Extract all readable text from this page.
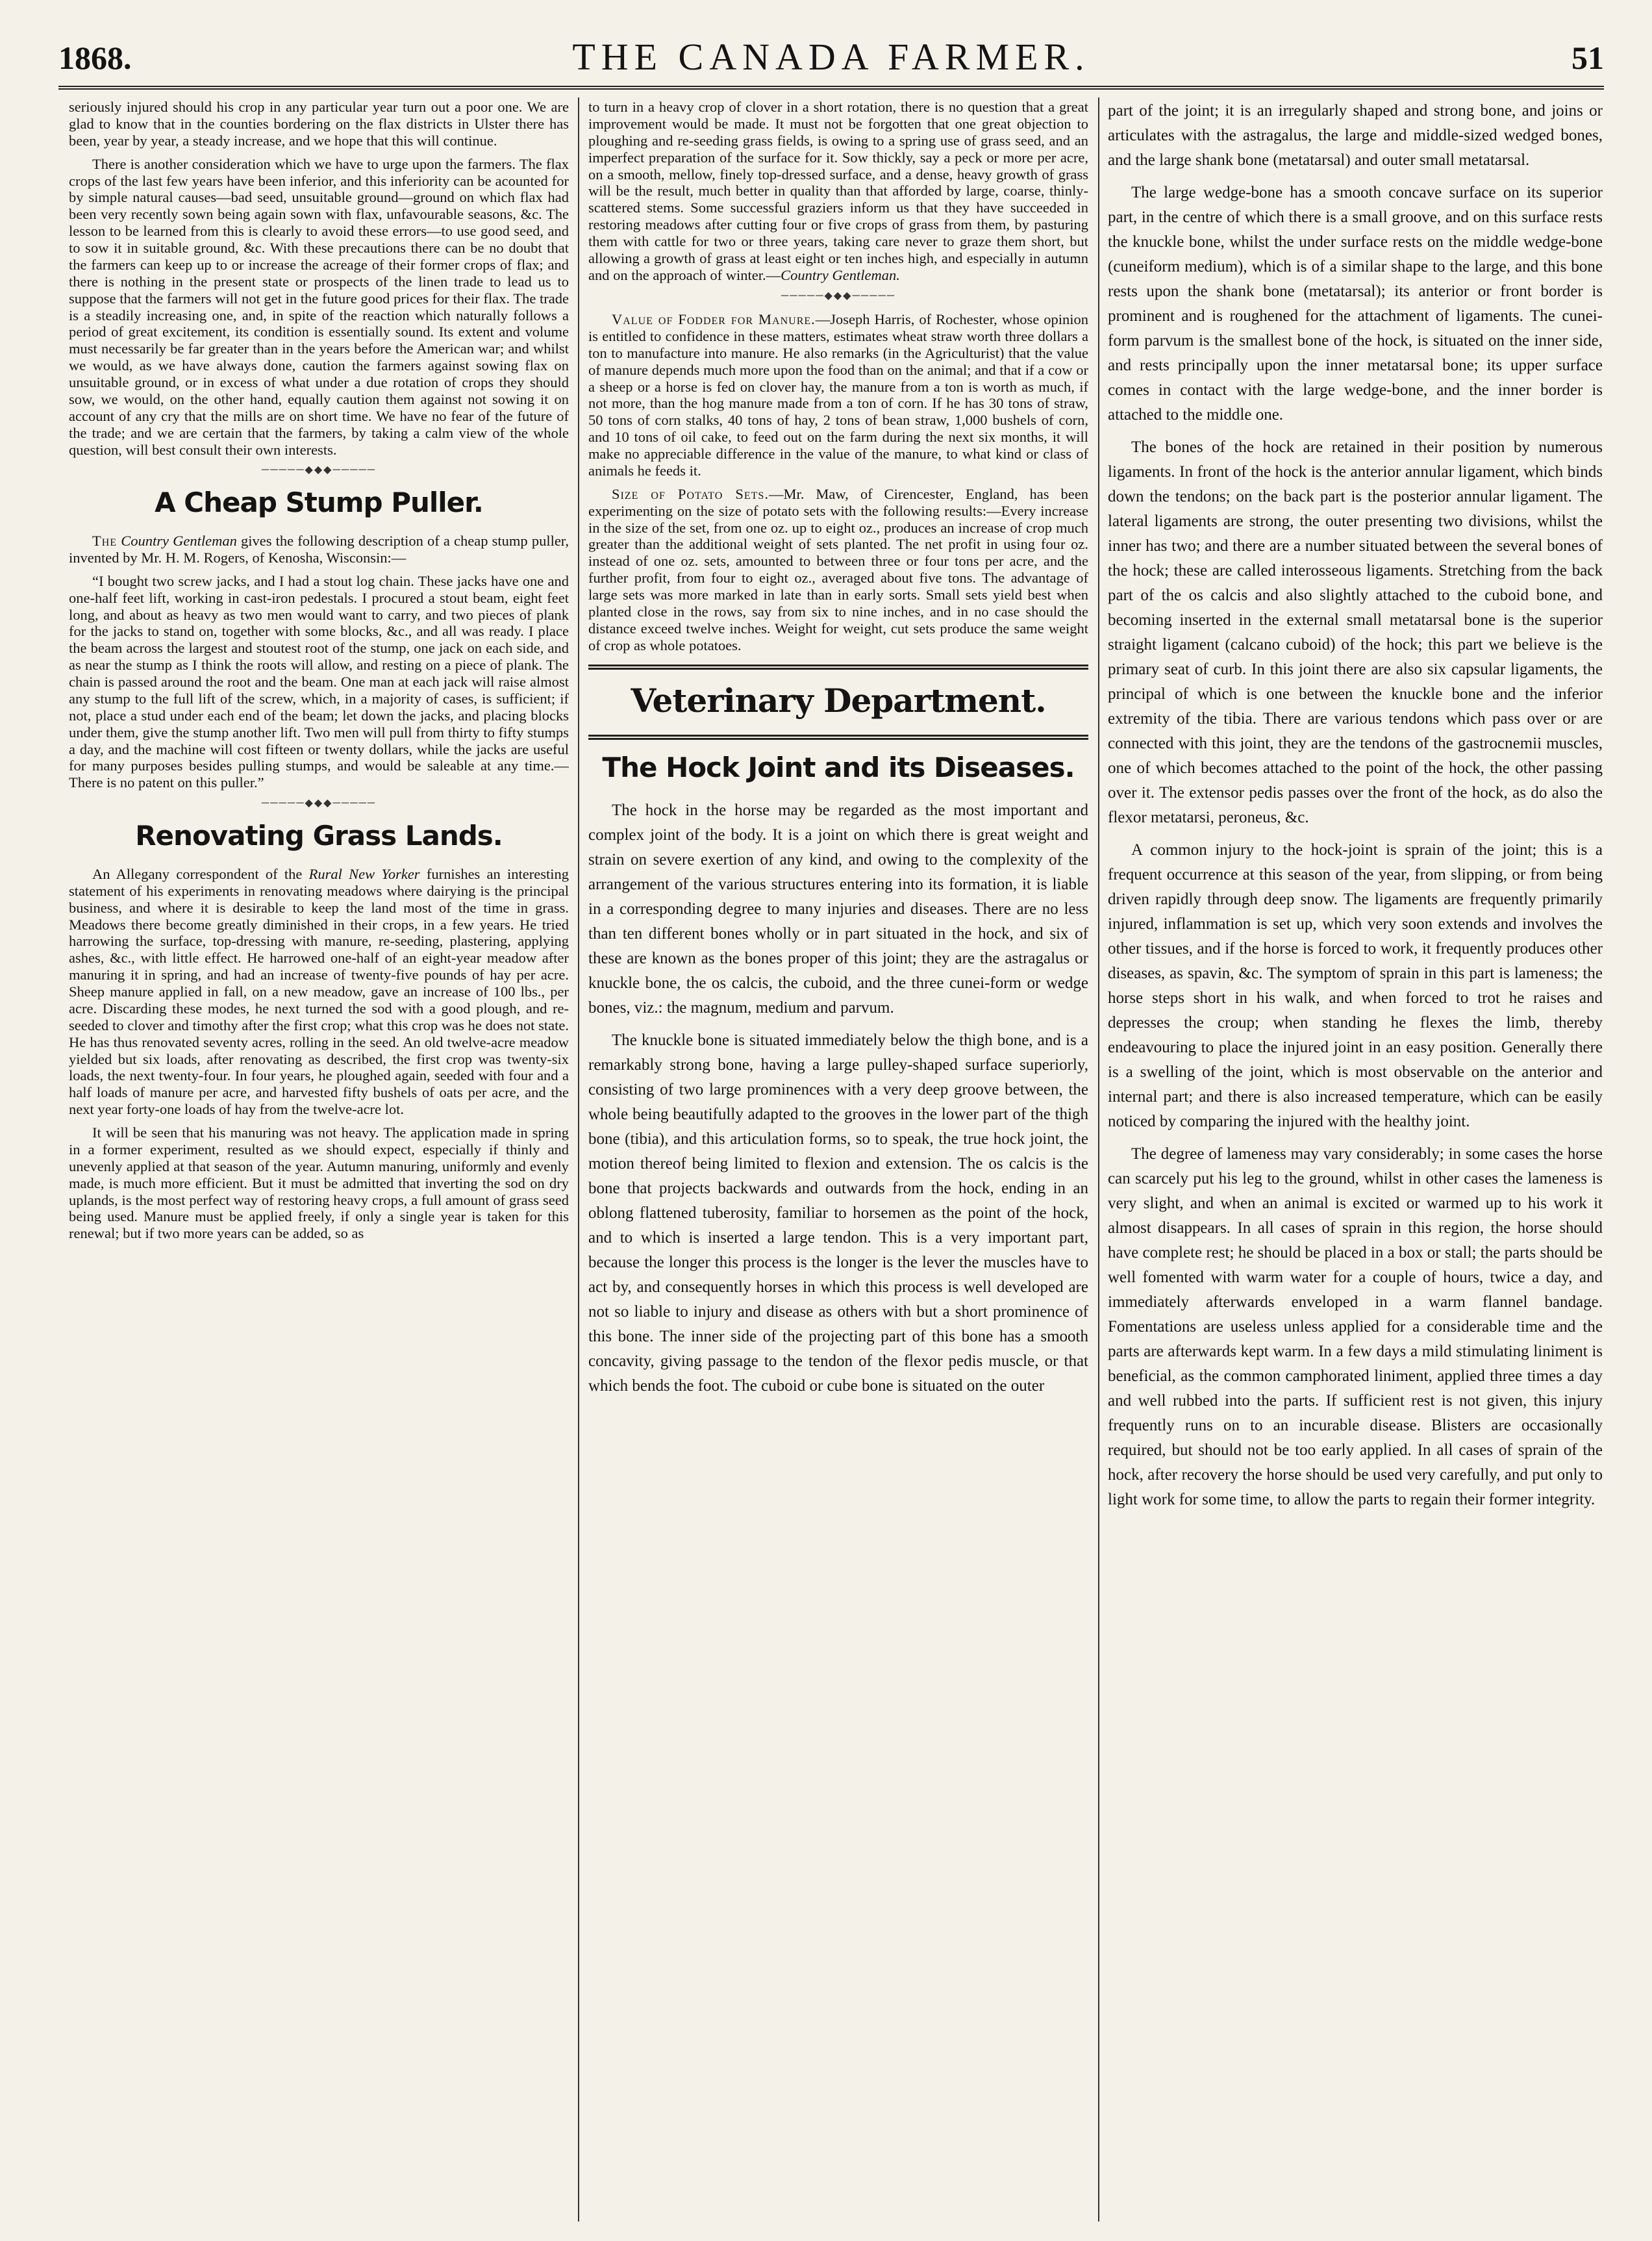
1868.	THE CANADA FARMER.	51

seriously injured should his crop in any particular year turn out a poor one. We are glad to know that in the counties bordering on the flax districts in Ulster there has been, year by year, a steady increase, and we hope that this will continue.

There is another consideration which we have to urge upon the farmers. The flax crops of the last few years have been inferior, and this inferiority can be acounted for by simple natural causes—bad seed, unsuitable ground—ground on which flax had been very recently sown being again sown with flax, unfavourable seasons, &c. The lesson to be learned from this is clearly to avoid these errors—to use good seed, and to sow it in suitable ground, &c. With these precautions there can be no doubt that the farmers can keep up to or increase the acreage of their former crops of flax; and there is nothing in the present state or prospects of the linen trade to lead us to suppose that the farmers will not get in the future good prices for their flax. The trade is a steadily increasing one, and, in spite of the reaction which naturally follows a period of great excitement, its condition is essentially sound. Its extent and volume must necessarily be far greater than in the years before the American war; and whilst we would, as we have always done, caution the farmers against sowing flax on unsuitable ground, or in excess of what under a due rotation of crops they should sow, we would, on the other hand, equally caution them against not sowing it on account of any cry that the mills are on short time. We have no fear of the future of the trade; and we are certain that the farmers, by taking a calm view of the whole question, will best consult their own interests.

─────◆◆◆─────
A Cheap Stump Puller.

The Country Gentleman gives the following description of a cheap stump puller, invented by Mr. H. M. Rogers, of Kenosha, Wisconsin:—

“I bought two screw jacks, and I had a stout log chain. These jacks have one and one-half feet lift, working in cast-iron pedestals. I procured a stout beam, eight feet long, and about as heavy as two men would want to carry, and two pieces of plank for the jacks to stand on, together with some blocks, &c., and all was ready. I place the beam across the largest and stoutest root of the stump, one jack on each side, and as near the stump as I think the roots will allow, and resting on a piece of plank. The chain is passed around the root and the beam. One man at each jack will raise almost any stump to the full lift of the screw, which, in a majority of cases, is sufficient; if not, place a stud under each end of the beam; let down the jacks, and placing blocks under them, give the stump another lift. Two men will pull from thirty to fifty stumps a day, and the machine will cost fifteen or twenty dollars, while the jacks are useful for many purposes besides pulling stumps, and would be saleable at any time.—There is no patent on this puller.”

─────◆◆◆─────
Renovating Grass Lands.

An Allegany correspondent of the Rural New Yorker furnishes an interesting statement of his experiments in renovating meadows where dairying is the principal business, and where it is desirable to keep the land most of the time in grass. Meadows there become greatly diminished in their crops, in a few years. He tried harrowing the surface, top-dressing with manure, re-seeding, plastering, applying ashes, &c., with little effect. He harrowed one-half of an eight-year meadow after manuring it in spring, and had an increase of twenty-five pounds of hay per acre. Sheep manure applied in fall, on a new meadow, gave an increase of 100 lbs., per acre. Discarding these modes, he next turned the sod with a good plough, and re-seeded to clover and timothy after the first crop; what this crop was he does not state. He has thus renovated seventy acres, rolling in the seed. An old twelve-acre meadow yielded but six loads, after renovating as described, the first crop was twenty-six loads, the next twenty-four. In four years, he ploughed again, seeded with four and a half loads of manure per acre, and harvested fifty bushels of oats per acre, and the next year forty-one loads of hay from the twelve-acre lot.

It will be seen that his manuring was not heavy. The application made in spring in a former experiment, resulted as we should expect, especially if thinly and unevenly applied at that season of the year. Autumn manuring, uniformly and evenly made, is much more efficient. But it must be admitted that inverting the sod on dry uplands, is the most perfect way of restoring heavy crops, a full amount of grass seed being used. Manure must be applied freely, if only a single year is taken for this renewal; but if two more years can be added, so as

to turn in a heavy crop of clover in a short rotation, there is no question that a great improvement would be made. It must not be forgotten that one great objection to ploughing and re-seeding grass fields, is owing to a spring use of grass seed, and an imperfect preparation of the surface for it. Sow thickly, say a peck or more per acre, on a smooth, mellow, finely top-dressed surface, and a dense, heavy growth of grass will be the result, much better in quality than that afforded by large, coarse, thinly-scattered stems. Some successful graziers inform us that they have succeeded in restoring meadows after cutting four or five crops of grass from them, by pasturing them with cattle for two or three years, taking care never to graze them short, but allowing a growth of grass at least eight or ten inches high, and especially in autumn and on the approach of winter.—Country Gentleman.

─────◆◆◆─────

Value of Fodder for Manure.—Joseph Harris, of Rochester, whose opinion is entitled to confidence in these matters, estimates wheat straw worth three dollars a ton to manufacture into manure. He also remarks (in the Agriculturist) that the value of manure depends much more upon the food than on the animal; and that if a cow or a sheep or a horse is fed on clover hay, the manure from a ton is worth as much, if not more, than the hog manure made from a ton of corn. If he has 30 tons of straw, 50 tons of corn stalks, 40 tons of hay, 2 tons of bean straw, 1,000 bushels of corn, and 10 tons of oil cake, to feed out on the farm during the next six months, it will make no appreciable difference in the value of the manure, to what kind or class of animals he feeds it.

Size of Potato Sets.—Mr. Maw, of Cirencester, England, has been experimenting on the size of potato sets with the following results:—Every increase in the size of the set, from one oz. up to eight oz., produces an increase of crop much greater than the additional weight of sets planted. The net profit in using four oz. instead of one oz. sets, amounted to between three or four tons per acre, and the further profit, from four to eight oz., averaged about five tons. The advantage of large sets was more marked in late than in early sorts. Small sets yield best when planted close in the rows, say from six to nine inches, and in no case should the distance exceed twelve inches. Weight for weight, cut sets produce the same weight of crop as whole potatoes.

Veterinary Department.
The Hock Joint and its Diseases.

The hock in the horse may be regarded as the most important and complex joint of the body. It is a joint on which there is great weight and strain on severe exertion of any kind, and owing to the complexity of the arrangement of the various structures entering into its formation, it is liable in a corresponding degree to many injuries and diseases. There are no less than ten different bones wholly or in part situated in the hock, and six of these are known as the bones proper of this joint; they are the astragalus or knuckle bone, the os calcis, the cuboid, and the three cunei-form or wedge bones, viz.: the magnum, medium and parvum.

The knuckle bone is situated immediately below the thigh bone, and is a remarkably strong bone, having a large pulley-shaped surface superiorly, consisting of two large prominences with a very deep groove between, the whole being beautifully adapted to the grooves in the lower part of the thigh bone (tibia), and this articulation forms, so to speak, the true hock joint, the motion thereof being limited to flexion and extension. The os calcis is the bone that projects backwards and outwards from the hock, ending in an oblong flattened tuberosity, familiar to horsemen as the point of the hock, and to which is inserted a large tendon. This is a very important part, because the longer this process is the longer is the lever the muscles have to act by, and consequently horses in which this process is well developed are not so liable to injury and disease as others with but a short prominence of this bone. The inner side of the projecting part of this bone has a smooth concavity, giving passage to the tendon of the flexor pedis muscle, or that which bends the foot. The cuboid or cube bone is situated on the outer

part of the joint; it is an irregularly shaped and strong bone, and joins or articulates with the astragalus, the large and middle-sized wedged bones, and the large shank bone (metatarsal) and outer small metatarsal.

The large wedge-bone has a smooth concave surface on its superior part, in the centre of which there is a small groove, and on this surface rests the knuckle bone, whilst the under surface rests on the middle wedge-bone (cuneiform medium), which is of a similar shape to the large, and this bone rests upon the shank bone (metatarsal); its anterior or front border is prominent and is roughened for the attachment of ligaments. The cunei-form parvum is the smallest bone of the hock, is situated on the inner side, and rests principally upon the inner metatarsal bone; its upper surface comes in contact with the large wedge-bone, and the inner border is attached to the middle one.

The bones of the hock are retained in their position by numerous ligaments. In front of the hock is the anterior annular ligament, which binds down the tendons; on the back part is the posterior annular ligament. The lateral ligaments are strong, the outer presenting two divisions, whilst the inner has two; and there are a number situated between the several bones of the hock; these are called interosseous ligaments. Stretching from the back part of the os calcis and also slightly attached to the cuboid bone, and becoming inserted in the external small metatarsal bone is the superior straight ligament (calcano cuboid) of the hock; this part we believe is the primary seat of curb. In this joint there are also six capsular ligaments, the principal of which is one between the knuckle bone and the inferior extremity of the tibia. There are various tendons which pass over or are connected with this joint, they are the tendons of the gastrocnemii muscles, one of which becomes attached to the point of the hock, the other passing over it. The extensor pedis passes over the front of the hock, as do also the flexor metatarsi, peroneus, &c.

A common injury to the hock-joint is sprain of the joint; this is a frequent occurrence at this season of the year, from slipping, or from being driven rapidly through deep snow. The ligaments are frequently primarily injured, inflammation is set up, which very soon extends and involves the other tissues, and if the horse is forced to work, it frequently produces other diseases, as spavin, &c. The symptom of sprain in this part is lameness; the horse steps short in his walk, and when forced to trot he raises and depresses the croup; when standing he flexes the limb, thereby endeavouring to place the injured joint in an easy position. Generally there is a swelling of the joint, which is most observable on the anterior and internal part; and there is also increased temperature, which can be easily noticed by comparing the injured with the healthy joint.

The degree of lameness may vary considerably; in some cases the horse can scarcely put his leg to the ground, whilst in other cases the lameness is very slight, and when an animal is excited or warmed up to his work it almost disappears. In all cases of sprain in this region, the horse should have complete rest; he should be placed in a box or stall; the parts should be well fomented with warm water for a couple of hours, twice a day, and immediately afterwards enveloped in a warm flannel bandage. Fomentations are useless unless applied for a considerable time and the parts are afterwards kept warm. In a few days a mild stimulating liniment is beneficial, as the common camphorated liniment, applied three times a day and well rubbed into the parts. If sufficient rest is not given, this injury frequently runs on to an incurable disease. Blisters are occasionally required, but should not be too early applied. In all cases of sprain of the hock, after recovery the horse should be used very carefully, and put only to light work for some time, to allow the parts to regain their former integrity.
